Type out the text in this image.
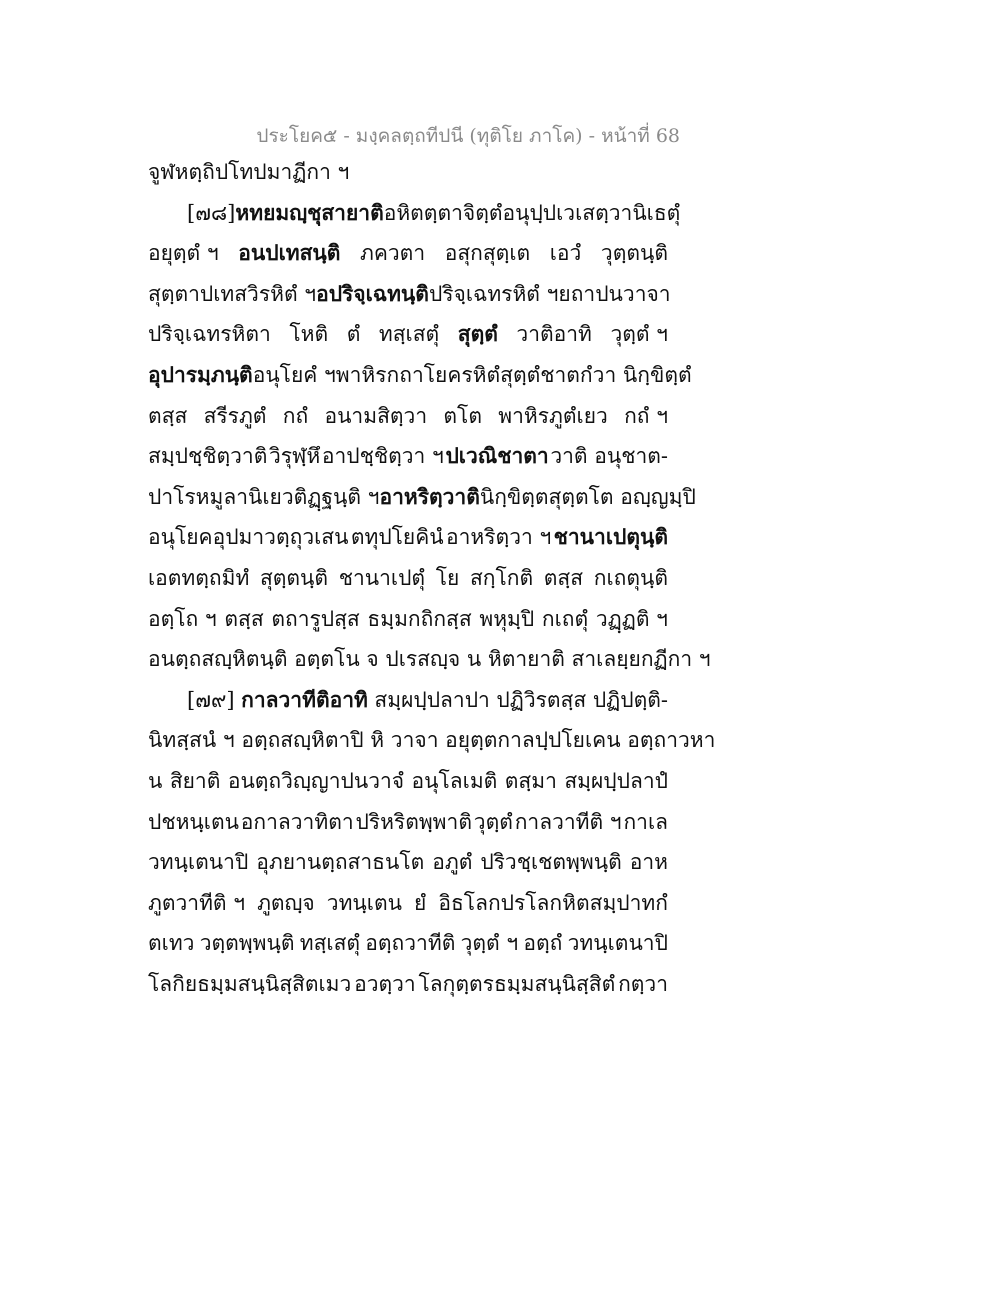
ประโยค๕ - มงฺคลตฺถทีปนี (ทุติโย ภาโค) - หน้าที่ 68
จูฬหตฺถิปโทปมาฏีกา ฯ
[๗๘] หทยมญฺชุสายาติ อหิตตฺตา จิตฺตํ อนุปฺปเวเสตฺวา นิเธตุํ
อยุตฺตํ ฯ อนปเทสนฺติ ภควตา อสุกสุตฺเต เอวํ วุตฺตนฺติ
สุตฺตาปเทสวิรหิตํ ฯ อปริจฺเฉทนฺติ ปริจฺเฉทรหิตํ ฯ ยถา ปน วาจา
ปริจฺเฉทรหิตา โหติ ตํ ทสฺเสตุํ สุตฺตํ วาติอาทิ วุตฺตํ ฯ
อุปารมฺภนฺติ อนุโยคํ ฯ พาหิรกถาโยครหิตํ สุตฺตํ ชาตกํ วา นิกฺขิตฺตํ
ตสฺส สรีรภูตํ กถํ อนามสิตฺวา ตโต พาหิรภูตํเยว กถํ ฯ
สมฺปชฺชิตฺวาติ วิรุฬฺหึ อาปชฺชิตฺวา ฯ ปเวณิชาตา วาติ อนุชาต-
ปาโรหมูลานิเยว ติฏฺฐนฺติ ฯ อาหริตฺวาติ นิกฺขิตฺตสุตฺตโต อญฺญมฺปิ
อนุโยคอุปมาวตฺถุวเสน ตทุปโยคินํ อาหริตฺวา ฯ ชานาเปตุนฺติ
เอตทตฺถมิทํ สุตฺตนฺติ ชานาเปตุํ โย สกฺโกติ ตสฺส กเถตุนฺติ
อตฺโถ ฯ ตสฺส ตถารูปสฺส ธมฺมกถิกสฺส พหุมฺปิ กเถตุํ วฏฺฏติ ฯ
อนตฺถสญฺหิตนฺติ อตฺตโน จ ปเรสญฺจ น หิตายาติ สาเลยฺยกฏีกา ฯ
[๗๙] กาลวาทีติอาทิ สมฺผปฺปลาปา ปฏิวิรตสฺส ปฏิปตฺติ-
นิทสฺสนํ ฯ อตฺถสญฺหิตาปิ หิ วาจา อยุตฺตกาลปฺปโยเคน อตฺถาวหา
น สิยาติ อนตฺถวิญฺญาปนวาจํ อนุโลเมติ ตสฺมา สมฺผปฺปลาปํ
ปชหนฺเตน อกาลวาทิตา ปริหริตพฺพาติ วุตฺตํ กาลวาทีติ ฯ กาเล
วทนฺเตนาปิ อุภยานตฺถสาธนโต อภูตํ ปริวชฺเชตพฺพนฺติ อาห
ภูตวาทีติ ฯ ภูตญฺจ วทนฺเตน ยํ อิธโลกปรโลกหิตสมฺปาทกํ
ตเทว วตฺตพฺพนฺติ ทสฺเสตุํ อตฺถวาทีติ วุตฺตํ ฯ อตฺถํ วทนฺเตนาปิ
โลกิยธมฺมสนฺนิสฺสิตเมว อวตฺวา โลกุตฺตรธมฺมสนฺนิสฺสิตํ กตฺวา
